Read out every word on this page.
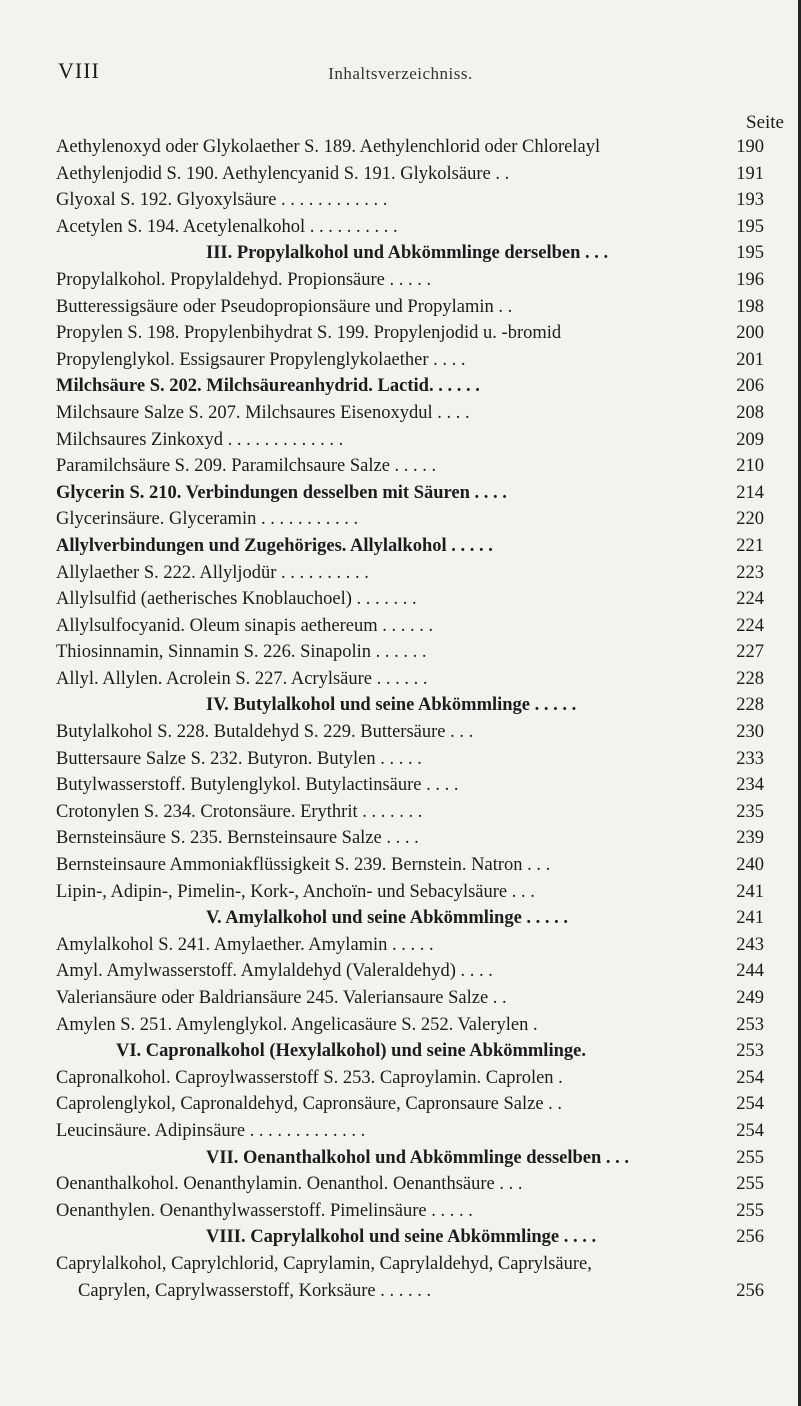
VIII	Inhaltsverzeichniss.
Seite
Aethylenoxyd oder Glykolaether S. 189. Aethylenchlorid oder Chlorelayl	190
Aethylenjodid S. 190. Aethylencyanid S. 191. Glykolsäure . .	191
Glyoxal S. 192. Glyoxylsäure . . . . . . . . . . . .	193
Acetylen S. 194. Acetylenalkohol . . . . . . . . . .	195
III. Propylalkohol und Abkömmlinge derselben . . .	195
Propylalkohol. Propylaldehyd. Propionsäure . . . . .	196
Butteressigsäure oder Pseudopropionsäure und Propylamin . .	198
Propylen S. 198. Propylenbihydrat S. 199. Propylenjodid u. -bromid	200
Propylenglykol. Essigsaurer Propylenglykolaether . . . .	201
Milchsäure S. 202. Milchsäureanhydrid. Lactid. . . . . .	206
Milchsaure Salze S. 207. Milchsaures Eisenoxydul . . . .	208
Milchsaures Zinkoxyd . . . . . . . . . . . . .	209
Paramilchsäure S. 209. Paramilchsaure Salze . . . . .	210
Glycerin S. 210. Verbindungen desselben mit Säuren . . . .	214
Glycerinsäure. Glyceramin . . . . . . . . . . .	220
Allylverbindungen und Zugehöriges. Allylalkohol . . . . .	221
Allylaether S. 222. Allyljodür . . . . . . . . . .	223
Allylsulfid (aetherisches Knoblauchoel) . . . . . . .	224
Allylsulfocyanid. Oleum sinapis aethereum . . . . . .	224
Thiosinnamin, Sinnamin S. 226. Sinapolin . . . . . .	227
Allyl. Allylen. Acrolein S. 227. Acrylsäure . . . . . .	228
IV. Butylalkohol und seine Abkömmlinge . . . . .	228
Butylalkohol S. 228. Butaldehyd S. 229. Buttersäure . . .	230
Buttersaure Salze S. 232. Butyron. Butylen . . . . .	233
Butylwasserstoff. Butylenglykol. Butylactinsäure . . . .	234
Crotonylen S. 234. Crotonsäure. Erythrit . . . . . . .	235
Bernsteinsäure S. 235. Bernsteinsaure Salze . . . .	239
Bernsteinsaure Ammoniakflüssigkeit S. 239. Bernstein. Natron . . .	240
Lipin-, Adipin-, Pimelin-, Kork-, Anchoïn- und Sebacylsäure . . .	241
V. Amylalkohol und seine Abkömmlinge . . . . .	241
Amylalkohol S. 241. Amylaether. Amylamin . . . . .	243
Amyl. Amylwasserstoff. Amylaldehyd (Valeraldehyd) . . . .	244
Valeriansäure oder Baldriansäure 245. Valeriansaure Salze . .	249
Amylen S. 251. Amylenglykol. Angelicasäure S. 252. Valerylen .	253
VI. Capronalkohol (Hexylalkohol) und seine Abkömmlinge.	253
Capronalkohol. Caproylwasserstoff S. 253. Caproylamin. Caprolen .	254
Caprolenglykol, Capronaldehyd, Capronsäure, Capronsaure Salze . .	254
Leucinsäure. Adipinsäure . . . . . . . . . . . . .	254
VII. Oenanthalkohol und Abkömmlinge desselben . . .	255
Oenanthalkohol. Oenanthylamin. Oenanthol. Oenanthsäure . . .	255
Oenanthylen. Oenanthylwasserstoff. Pimelinsäure . . . . .	255
VIII. Caprylalkohol und seine Abkömmlinge . . . .	256
Caprylalkohol, Caprylchlorid, Caprylamin, Caprylaldehyd, Caprylsäure,
Caprylen, Caprylwasserstoff, Korksäure . . . . . .	256
